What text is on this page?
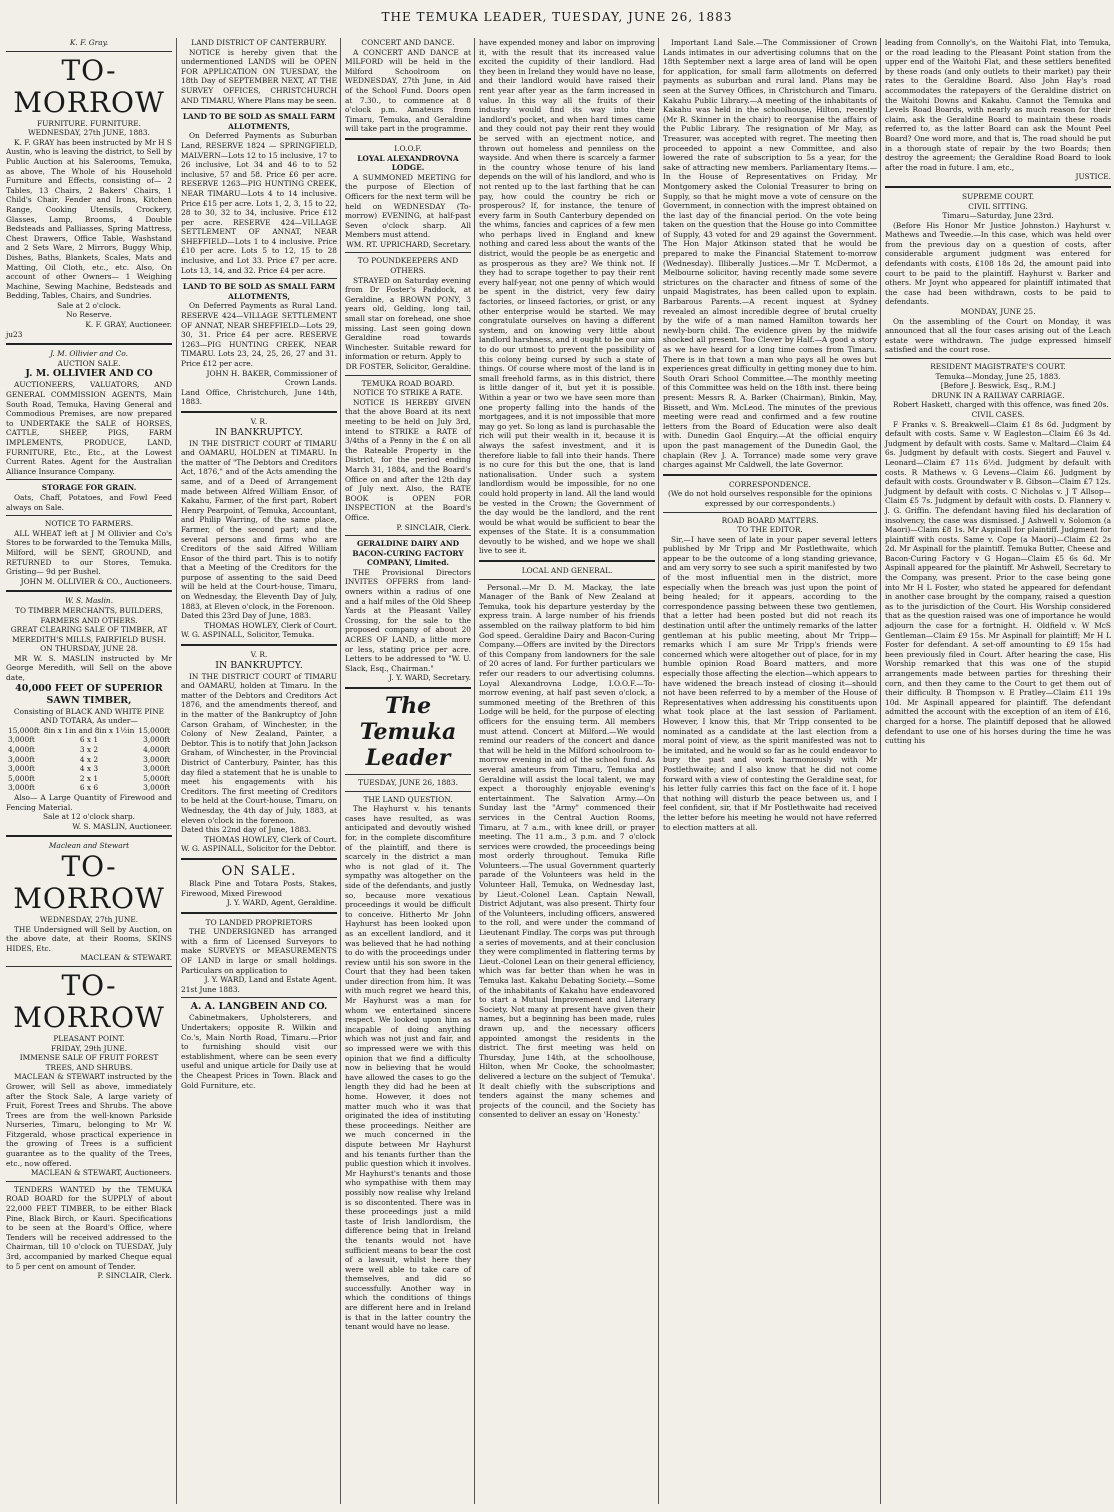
THE TEMUKA LEADER, TUESDAY, JUNE 26, 1883
K. F. Gray.
TO-MORROW
FURNITURE. FURNITURE.
WEDNESDAY, 27th JUNE, 1883.

K. F. GRAY has been instructed by Mr H S Austin, who is leaving the district, to Sell by Public Auction at his Salerooms, Temuka, as above, The Whole of his Household Furniture and Effects, consisting of— 2 Tables, 13 Chairs, 2 Bakers' Chairs, 1 Child's Chair, Fender and Irons, Kitchen Range, Cooking Utensils, Crockery, Glasses, Lamp, Brooms, 4 Double Bedsteads and Palliasses, Spring Mattress, Chest Drawers, Office Table, Washstand and 2 Sets Ware, 2 Mirrors, Buggy Whip, Dishes, Baths, Blankets, Scales, Mats and Matting, Oil Cloth, etc., etc. Also, On account of other Owners— 1 Weighing Machine, Sewing Machine, Bedsteads and Bedding, Tables, Chairs, and Sundries.

Sale at 2 o'clock.
No Reserve.
K. F. GRAY, Auctioneer.
ju23
J. M. Ollivier and Co.
AUCTION SALE.
J. M. OLLIVIER AND CO

AUCTIONEERS, VALUATORS, AND GENERAL COMMISSION AGENTS, Main South Road, Temuka, Having General and Commodious Premises, are now prepared to UNDERTAKE the SALE of HORSES, CATTLE, SHEEP, PIGS, FARM IMPLEMENTS, PRODUCE, LAND, FURNITURE, Etc., Etc., at the Lowest Current Rates. Agent for the Australian Alliance Insurance Company.

STORAGE FOR GRAIN.

Oats, Chaff, Potatoes, and Fowl Feed always on Sale.

NOTICE TO FARMERS.

ALL WHEAT left at J M Ollivier and Co's Stores to be forwarded to the Temuka Mills, Milford, will be SENT, GROUND, and RETURNED to our Stores, Temuka. Gristing— 9d per Bushel.

JOHN M. OLLIVIER & CO., Auctioneers.
W. S. Maslin.
TO TIMBER MERCHANTS, BUILDERS, FARMERS AND OTHERS.
GREAT CLEARING SALE OF TIMBER, AT MEREDITH'S MILLS, FAIRFIELD BUSH. ON THURSDAY, JUNE 28.

MR W. S. MASLIN instructed by Mr George Meredith, will Sell on the above date,

40,000 FEET OF SUPERIOR SAWN TIMBER,
Consisting of BLACK AND WHITE PINE AND TOTARA, As under—
15,000ft	8in x 1in and 8in x 1½in	15,000ft
3,000ft	6 x 1	3,000ft
4,000ft	3 x 2	4,000ft
3,000ft	4 x 2	3,000ft
3,000ft	4 x 3	3,000ft
5,000ft	2 x 1	5,000ft
3,000ft	6 x 6	3,000ft

Also— A Large Quantity of Firewood and Fencing Material.

Sale at 12 o'clock sharp.
W. S. MASLIN, Auctioneer.
Maclean and Stewart
TO-MORROW
WEDNESDAY, 27th JUNE.

THE Undersigned will Sell by Auction, on the above date, at their Rooms, SKINS HIDES, Etc.

MACLEAN & STEWART.
TO-MORROW
PLEASANT POINT.
FRIDAY, 29th JUNE.
IMMENSE SALE OF FRUIT FOREST TREES, AND SHRUBS.

MACLEAN & STEWART instructed by the Grower, will Sell as above, immediately after the Stock Sale, A large variety of Fruit, Forest Trees and Shrubs. The above Trees are from the well-known Parkside Nurseries, Timaru, belonging to Mr W. Fitzgerald, whose practical experience in the growing of Trees is a sufficient guarantee as to the quality of the Trees, etc., now offered.

MACLEAN & STEWART, Auctioneers.

TENDERS WANTED by the TEMUKA ROAD BOARD for the SUPPLY of about 22,000 FEET TIMBER, to be either Black Pine, Black Birch, or Kauri. Specifications to be seen at the Board's Office, where Tenders will be received addressed to the Chairman, till 10 o'clock on TUESDAY, July 3rd, accompanied by marked Cheque equal to 5 per cent on amount of Tender.

P. SINCLAIR, Clerk.
LAND DISTRICT OF CANTERBURY.

NOTICE is hereby given that the undermentioned LANDS will be OPEN FOR APPLICATION ON TUESDAY, the 18th Day of SEPTEMBER NEXT, AT THE SURVEY OFFICES, CHRISTCHURCH AND TIMARU, Where Plans may be seen.

LAND TO BE SOLD AS SMALL FARM ALLOTMENTS,

On Deferred Payments as Suburban Land, RESERVE 1824 — SPRINGFIELD, MALVERN—Lots 12 to 15 inclusive, 17 to 26 inclusive, Lot 34 and 46 to to 52 inclusive, 57 and 58. Price £6 per acre. RESERVE 1263—PIG HUNTING CREEK, NEAR TIMARU—Lots 4 to 14 inclusive. Price £15 per acre. Lots 1, 2, 3, 15 to 22, 28 to 30, 32 to 34, inclusive. Price £12 per acre. RESERVE 424—VILLAGE SETTLEMENT OF ANNAT, NEAR SHEFFIELD—Lots 1 to 4 inclusive. Price £10 per acre. Lots 5 to 12, 15 to 28 inclusive, and Lot 33. Price £7 per acre. Lots 13, 14, and 32. Price £4 per acre.

LAND TO BE SOLD AS SMALL FARM ALLOTMENTS,

On Deferred Payments as Rural Land. RESERVE 424—VILLAGE SETTLEMENT OF ANNAT, NEAR SHEFFIELD—Lots 29, 30, 31. Price £4 per acre. RESERVE 1263—PIG HUNTING CREEK, NEAR TIMARU. Lots 23, 24, 25, 26, 27 and 31. Price £12 per acre.

JOHN H. BAKER, Commissioner of Crown Lands.
Land Office, Christchurch, June 14th, 1883.
V. R.
IN BANKRUPTCY.

IN THE DISTRICT COURT of TIMARU and OAMARU, HOLDEN at TIMARU. In the matter of "The Debtors and Creditors Act, 1876," and of the Acts amending the same, and of a Deed of Arrangement made between Alfred William Ensor, of Kakahu, Farmer, of the first part, Robert Henry Pearpoint, of Temuka, Accountant, and Philip Warring, of the same place, Farmer, of the second part; and the several persons and firms who are Creditors of the said Alfred William Ensor of the third part. This is to notify that a Meeting of the Creditors for the purpose of assenting to the said Deed will be held at the Court-house, Timaru, on Wednesday, the Eleventh Day of July, 1883, at Eleven o'clock, in the Forenoon.

Dated this 23rd Day of June, 1883.
THOMAS HOWLEY, Clerk of Court.
W. G. ASPINALL, Solicitor, Temuka.
V. R.
IN BANKRUPTCY.

IN THE DISTRICT COURT of TIMARU and OAMARU, holden at Timaru. In the matter of the Debtors and Creditors Act 1876, and the amendments thereof, and in the matter of the Bankruptcy of John Carson Graham, of Winchester, in the Colony of New Zealand, Painter, a Debtor. This is to notify that John Jackson Graham, of Winchester, in the Provincial District of Canterbury, Painter, has this day filed a statement that he is unable to meet his engagements with his Creditors. The first meeting of Creditors to be held at the Court-house, Timaru, on Wednesday, the 4th day of July, 1883, at eleven o'clock in the forenoon.

Dated this 22nd day of June, 1883.
THOMAS HOWLEY, Clerk of Court.
W. G. ASPINALL, Solicitor for the Debtor.
ON SALE.

Black Pine and Totara Posts, Stakes, Firewood, Mixed Firewood

J. Y. WARD, Agent, Geraldine.
TO LANDED PROPRIETORS

THE UNDERSIGNED has arranged with a firm of Licensed Surveyors to make SURVEYS or MEASUREMENTS OF LAND in large or small holdings. Particulars on application to

J. Y. WARD, Land and Estate Agent.
21st June 1883.
A. A. LANGBEIN AND CO.

Cabinetmakers, Upholsterers, and Undertakers; opposite R. Wilkin and Co.'s, Main North Road, Timaru.—Prior to furnishing should visit our establishment, where can be seen every useful and unique article for Daily use at the Cheapest Prices in Town. Black and Gold Furniture, etc.

CONCERT AND DANCE.

A CONCERT AND DANCE at MILFORD will be held in the Milford Schoolroom on WEDNESDAY, 27th June, in Aid of the School Fund. Doors open at 7.30., to commence at 8 o'clock p.m. Amateurs from Timaru, Temuka, and Geraldine will take part in the programme.

I.O.O.F.
LOYAL ALEXANDROVNA LODGE.

A SUMMONED MEETING for the purpose of Election of Officers for the next term will be held on WEDNESDAY (To-morrow) EVENING, at half-past Seven o'clock sharp. All Members must attend.

WM. RT. UPRICHARD, Secretary.
TO POUNDKEEPERS AND OTHERS.

STRAYED on Saturday evening from Dr Foster's Paddock, at Geraldine, a BROWN PONY, 3 years old, Gelding, long tail, small star on forehead, one shoe missing. Last seen going down Geraldine road towards Winchester. Suitable reward for information or return. Apply to

DR FOSTER, Solicitor, Geraldine.
TEMUKA ROAD BOARD.
NOTICE TO STRIKE A RATE.

NOTICE IS HEREBY GIVEN that the above Board at its next meeting to be held on July 3rd, intend to STRIKE a RATE of 3/4ths of a Penny in the £ on all the Rateable Property in the District, for the period ending March 31, 1884, and the Board's Office on and after the 12th day of July next. Also, the RATE BOOK is OPEN FOR INSPECTION at the Board's Office.

P. SINCLAIR, Clerk.
GERALDINE DAIRY AND BACON-CURING FACTORY COMPANY, Limited.

THE Provisional Directors INVITES OFFERS from land-owners within a radius of one and a half miles of the Old Sheep Yards at the Pleasant Valley Crossing, for the sale to the proposed company of about 20 ACRES OF LAND, a little more or less, stating price per acre. Letters to be addressed to "W. U. Slack, Esq., Chairman."

J. Y. WARD, Secretary.
The Temuka Leader
TUESDAY, JUNE 26, 1883.
THE LAND QUESTION.

The Hayhurst v. his tenants cases have resulted, as was anticipated and devoutly wished for, in the complete discomfiture of the plaintiff, and there is scarcely in the district a man who is not glad of it. The sympathy was altogether on the side of the defendants, and justly so, because more vexatious proceedings it would be difficult to conceive. Hitherto Mr John Hayhurst has been looked upon as an excellent landlord, and it was believed that he had nothing to do with the proceedings under review until his son swore in the Court that they had been taken under direction from him. It was with much regret we heard this, Mr Hayhurst was a man for whom we entertained sincere respect. We looked upon him as incapable of doing anything which was not just and fair, and so impressed were we with this opinion that we find a difficulty now in believing that he would have allowed the cases to go the length they did had he been at home. However, it does not matter much who it was that originated the idea of instituting these proceedings. Neither are we much concerned in the dispute between Mr Hayhurst and his tenants further than the public question which it involves. Mr Hayhurst's tenants and those who sympathise with them may possibly now realise why Ireland is so discontented. There was in these proceedings just a mild taste of Irish landlordism, the difference being that in Ireland the tenants would not have sufficient means to bear the cost of a lawsuit, whilst here they were well able to take care of themselves, and did so successfully. Another way in which the conditions of things are different here and in Ireland is that in the latter country the tenant would have no lease.

have expended money and labor on improving it, with the result that its increased value excited the cupidity of their landlord. Had they been in Ireland they would have no lease, and their landlord would have raised their rent year after year as the farm increased in value. In this way all the fruits of their industry would find its way into their landlord's pocket, and when hard times came and they could not pay their rent they would be served with an ejectment notice, and thrown out homeless and penniless on the wayside. And when there is scarcely a farmer in the country whose tenure of his land depends on the will of his landlord, and who is not rented up to the last farthing that he can pay, how could the country be rich or prosperous? If, for instance, the tenure of every farm in South Canterbury depended on the whims, fancies and caprices of a few men who perhaps lived in England and knew nothing and cared less about the wants of the district, would the people be as energetic and as prosperous as they are? We think not. If they had to scrape together to pay their rent every half-year, not one penny of which would be spent in the district, very few dairy factories, or linseed factories, or grist, or any other enterprise would be started. We may congratulate ourselves on having a different system, and on knowing very little about landlord harshness, and it ought to be our aim to do our utmost to prevent the possibility of this colony being cursed by such a state of things. Of course where most of the land is in small freehold farms, as in this district, there is little danger of it, but yet it is possible. Within a year or two we have seen more than one property falling into the hands of the mortgagees, and it is not impossible that more may go yet. So long as land is purchasable the rich will put their wealth in it, because it is always the safest investment, and it is therefore liable to fall into their hands. There is no cure for this but the one, that is land nationalisation. Under such a system landlordism would be impossible, for no one could hold property in land. All the land would be vested in the Crown; the Government of the day would be the landlord, and the rent would be what would be sufficient to bear the expenses of the State. It is a consummation devoutly to be wished, and we hope we shall live to see it.

LOCAL AND GENERAL.

Personal.—Mr D. M. Mackay, the late Manager of the Bank of New Zealand at Temuka, took his departure yesterday by the express train. A large number of his friends assembled on the railway platform to bid him God speed. Geraldine Dairy and Bacon-Curing Company.—Offers are invited by the Directors of this Company from landowners for the sale of 20 acres of land. For further particulars we refer our readers to our advertising columns. Loyal Alexandrovna Lodge, I.O.O.F.—To-morrow evening, at half past seven o'clock, a summoned meeting of the Brethren of this Lodge will be held, for the purpose of electing officers for the ensuing term. All members must attend. Concert at Milford.—We would remind our readers of the concert and dance that will be held in the Milford schoolroom to-morrow evening in aid of the school fund. As several amateurs from Timaru, Temuka and Geraldine will assist the local talent, we may expect a thoroughly enjoyable evening's entertainment. The Salvation Army.—On Sunday last the "Army" commenced their services in the Central Auction Rooms, Timaru, at 7 a.m., with knee drill, or prayer meeting. The 11 a.m., 3 p.m. and 7 o'clock services were crowded, the proceedings being most orderly throughout. Temuka Rifle Volunteers.—The usual Government quarterly parade of the Volunteers was held in the Volunteer Hall, Temuka, on Wednesday last, by Lieut.-Colonel Lean. Captain Newall, District Adjutant, was also present. Thirty four of the Volunteers, including officers, answered to the roll, and were under the command of Lieutenant Findlay. The corps was put through a series of movements, and at their conclusion they were complimented in flattering terms by Lieut.-Colonel Lean on their general efficiency, which was far better than when he was in Temuka last. Kakahu Debating Society.—Some of the inhabitants of Kakahu have endeavored to start a Mutual Improvement and Literary Society. Not many at present have given their names, but a beginning has been made, rules drawn up, and the necessary officers appointed amongst the residents in the district. The first meeting was held on Thursday, June 14th, at the schoolhouse, Hilton, when Mr Cooke, the schoolmaster, delivered a lecture on the subject of 'Temuka'. It dealt chiefly with the subscriptions and tenders against the many schemes and projects of the council, and the Society has consented to deliver an essay on 'Honesty.'

Important Land Sale.—The Commissioner of Crown Lands intimates in our advertising columns that on the 18th September next a large area of land will be open for application, for small farm allotments on deferred payments as suburban and rural land. Plans may be seen at the Survey Offices, in Christchurch and Timaru. Kakahu Public Library.—A meeting of the inhabitants of Kakahu was held in the schoolhouse, Hilton, recently (Mr R. Skinner in the chair) to reorganise the affairs of the Public Library. The resignation of Mr May, as Treasurer, was accepted with regret. The meeting then proceeded to appoint a new Committee, and also lowered the rate of subscription to 5s a year, for the sake of attracting new members. Parliamentary Items.—In the House of Representatives on Friday, Mr Montgomery asked the Colonial Treasurer to bring on Supply, so that he might move a vote of censure on the Government, in connection with the imprest obtained on the last day of the financial period. On the vote being taken on the question that the House go into Committee of Supply, 43 voted for and 29 against the Government. The Hon Major Atkinson stated that he would be prepared to make the Financial Statement to-morrow (Wednesday). Illiberally Justices.—Mr T. McDermot, a Melbourne solicitor, having recently made some severe strictures on the character and fitness of some of the unpaid Magistrates, has been called upon to explain. Barbarous Parents.—A recent inquest at Sydney revealed an almost incredible degree of brutal cruelty by the wife of a man named Hamilton towards her newly-born child. The evidence given by the midwife shocked all present. Too Clever by Half.—A good a story as we have heard for a long time comes from Timaru. There is in that town a man who pays all he owes but experiences great difficulty in getting money due to him. South Orari School Committee.—The monthly meeting of this Committee was held on the 18th inst. there being present: Messrs R. A. Barker (Chairman), Binkin, May, Bissett, and Wm. McLeod. The minutes of the previous meeting were read and confirmed and a few routine letters from the Board of Education were also dealt with. Dunedin Gaol Enquiry.—At the official enquiry upon the past management of the Dunedin Gaol, the chaplain (Rev J. A. Torrance) made some very grave charges against Mr Caldwell, the late Governor.

CORRESPONDENCE.
(We do not hold ourselves responsible for the opinions expressed by our correspondents.)
ROAD BOARD MATTERS.
TO THE EDITOR.

Sir,—I have seen of late in your paper several letters published by Mr Tripp and Mr Postlethwaite, which appear to be the outcome of a long standing grievance, and am very sorry to see such a spirit manifested by two of the most influential men in the district, more especially when the breach was just upon the point of being healed; for it appears, according to the correspondence passing between these two gentlemen, that a letter had been posted but did not reach its destination until after the untimely remarks of the latter gentleman at his public meeting, about Mr Tripp—remarks which I am sure Mr Tripp's friends were concerned which were altogether out of place, for in my humble opinion Road Board matters, and more especially those affecting the election—which appears to have widened the breach instead of closing it—should not have been referred to by a member of the House of Representatives when addressing his constituents upon what took place at the last session of Parliament. However, I know this, that Mr Tripp consented to be nominated as a candidate at the last election from a moral point of view, as the spirit manifested was not to be imitated, and he would so far as he could endeavor to bury the past and work harmoniously with Mr Postlethwaite; and I also know that he did not come forward with a view of contesting the Geraldine seat, for his letter fully carries this fact on the face of it. I hope that nothing will disturb the peace between us, and I feel confident, sir, that if Mr Postlethwaite had received the letter before his meeting he would not have referred to election matters at all.

leading from Connolly's, on the Waitohi Flat, into Temuka, or the road leading to the Pleasant Point station from the upper end of the Waitohi Flat, and these settlers benefited by these roads (and only outlets to their market) pay their rates to the Geraldine Board. Also John Hay's road accommodates the ratepayers of the Geraldine district on the Waitohi Downs and Kakahu. Cannot the Temuka and Levels Road Boards, with nearly as much reason for their claim, ask the Geraldine Board to maintain these roads referred to, as the latter Board can ask the Mount Peel Board? One word more, and that is, The road should be put in a thorough state of repair by the two Boards; then destroy the agreement; the Geraldine Road Board to look after the road in future. I am, etc.,

JUSTICE.
SUPREME COURT.
CIVIL SITTING.
Timaru—Saturday, June 23rd.

(Before His Honor Mr Justice Johnston.) Hayhurst v. Mathews and Tweedie.—In this case, which was held over from the previous day on a question of costs, after considerable argument judgment was entered for defendants with costs, £108 18s 2d, the amount paid into court to be paid to the plaintiff. Hayhurst v. Barker and others. Mr Joynt who appeared for plaintiff intimated that the case had been withdrawn, costs to be paid to defendants.

MONDAY, JUNE 25.

On the assembling of the Court on Monday, it was announced that all the four cases arising out of the Leach estate were withdrawn. The judge expressed himself satisfied and the court rose.

RESIDENT MAGISTRATE'S COURT.
Temuka—Monday, June 25, 1883.
[Before J. Beswick, Esq., R.M.]
DRUNK IN A RAILWAY CARRIAGE.

Robert Haskett, charged with this offence, was fined 20s.

CIVIL CASES.

F Franks v. S. Breakwell—Claim £1 8s 6d. Judgment by default with costs. Same v. W Eagleston—Claim £6 3s 4d. Judgment by default with costs. Same v. Maltard—Claim £4 6s. Judgment by default with costs. Siegert and Fauvel v. Leonard—Claim £7 11s 6½d. Judgment by default with costs. R Mathews v. G Levens—Claim £6. Judgment by default with costs. Groundwater v B. Gibson—Claim £7 12s. Judgment by default with costs. C Nicholas v. J T Allsop—Claim £5 7s. Judgment by default with costs. D. Flannery v. J. G. Griffin. The defendant having filed his declaration of insolvency, the case was dismissed. J Ashwell v. Solomon (a Maori)—Claim £8 1s. Mr Aspinall for plaintiff. Judgment for plaintiff with costs. Same v. Cope (a Maori)—Claim £2 2s 2d. Mr Aspinall for the plaintiff. Temuka Butter, Cheese and Bacon-Curing Factory v G Hogan—Claim £5 6s 6d. Mr Aspinall appeared for the plaintiff. Mr Ashwell, Secretary to the Company, was present. Prior to the case being gone into Mr H L Foster, who stated he appeared for defendant in another case brought by the company, raised a question as to the jurisdiction of the Court. His Worship considered that as the question raised was one of importance he would adjourn the case for a fortnight. H. Oldfield v. W McS Gentleman—Claim £9 15s. Mr Aspinall for plaintiff; Mr H L Foster for defendant. A set-off amounting to £9 15s had been previously filed in Court. After hearing the case, His Worship remarked that this was one of the stupid arrangements made between parties for threshing their corn, and then they came to the Court to get them out of their difficulty. B Thompson v. E Pratley—Claim £11 19s 10d. Mr Aspinall appeared for plaintiff. The defendant admitted the account with the exception of an item of £16, charged for a horse. The plaintiff deposed that he allowed defendant to use one of his horses during the time he was cutting his
